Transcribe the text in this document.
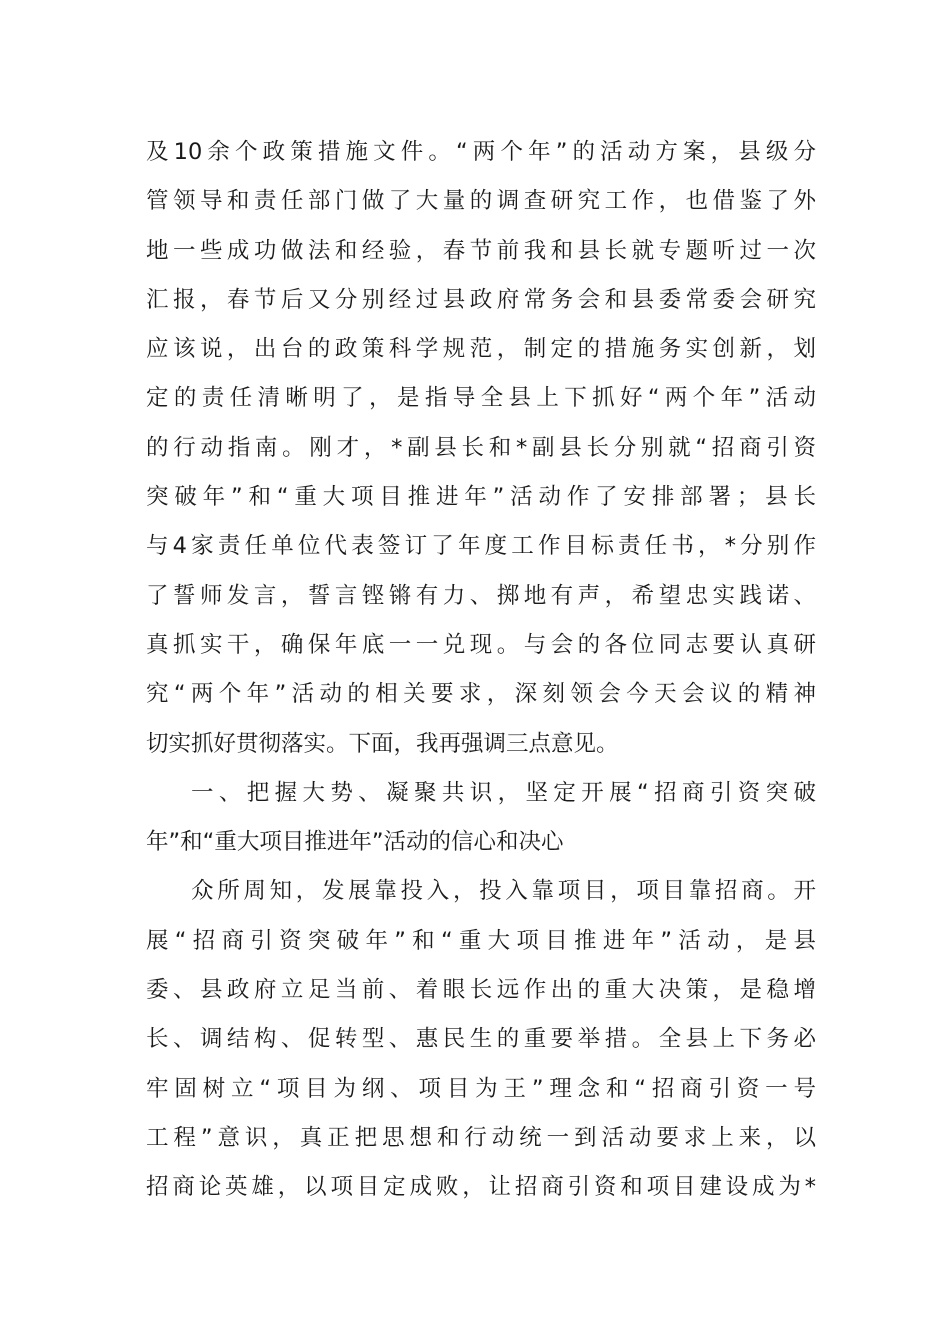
及10余个政策措施文件。“两个年”的活动方案，县级分
管领导和责任部门做了大量的调查研究工作，也借鉴了外
地一些成功做法和经验，春节前我和县长就专题听过一次
汇报，春节后又分别经过县政府常务会和县委常委会研究
应该说，出台的政策科学规范，制定的措施务实创新，划
定的责任清晰明了，是指导全县上下抓好“两个年”活动
的行动指南。刚才，*副县长和*副县长分别就“招商引资
突破年”和“重大项目推进年”活动作了安排部署；县长
与4家责任单位代表签订了年度工作目标责任书，*分别作
了誓师发言，誓言铿锵有力、掷地有声，希望忠实践诺、
真抓实干，确保年底一一兑现。与会的各位同志要认真研
究“两个年”活动的相关要求，深刻领会今天会议的精神
切实抓好贯彻落实。下面，我再强调三点意见。
一、把握大势、凝聚共识，坚定开展“招商引资突破
年”和“重大项目推进年”活动的信心和决心
众所周知，发展靠投入，投入靠项目，项目靠招商。开
展“招商引资突破年”和“重大项目推进年”活动，是县
委、县政府立足当前、着眼长远作出的重大决策，是稳增
长、调结构、促转型、惠民生的重要举措。全县上下务必
牢固树立“项目为纲、项目为王”理念和“招商引资一号
工程”意识，真正把思想和行动统一到活动要求上来，以
招商论英雄，以项目定成败，让招商引资和项目建设成为*
